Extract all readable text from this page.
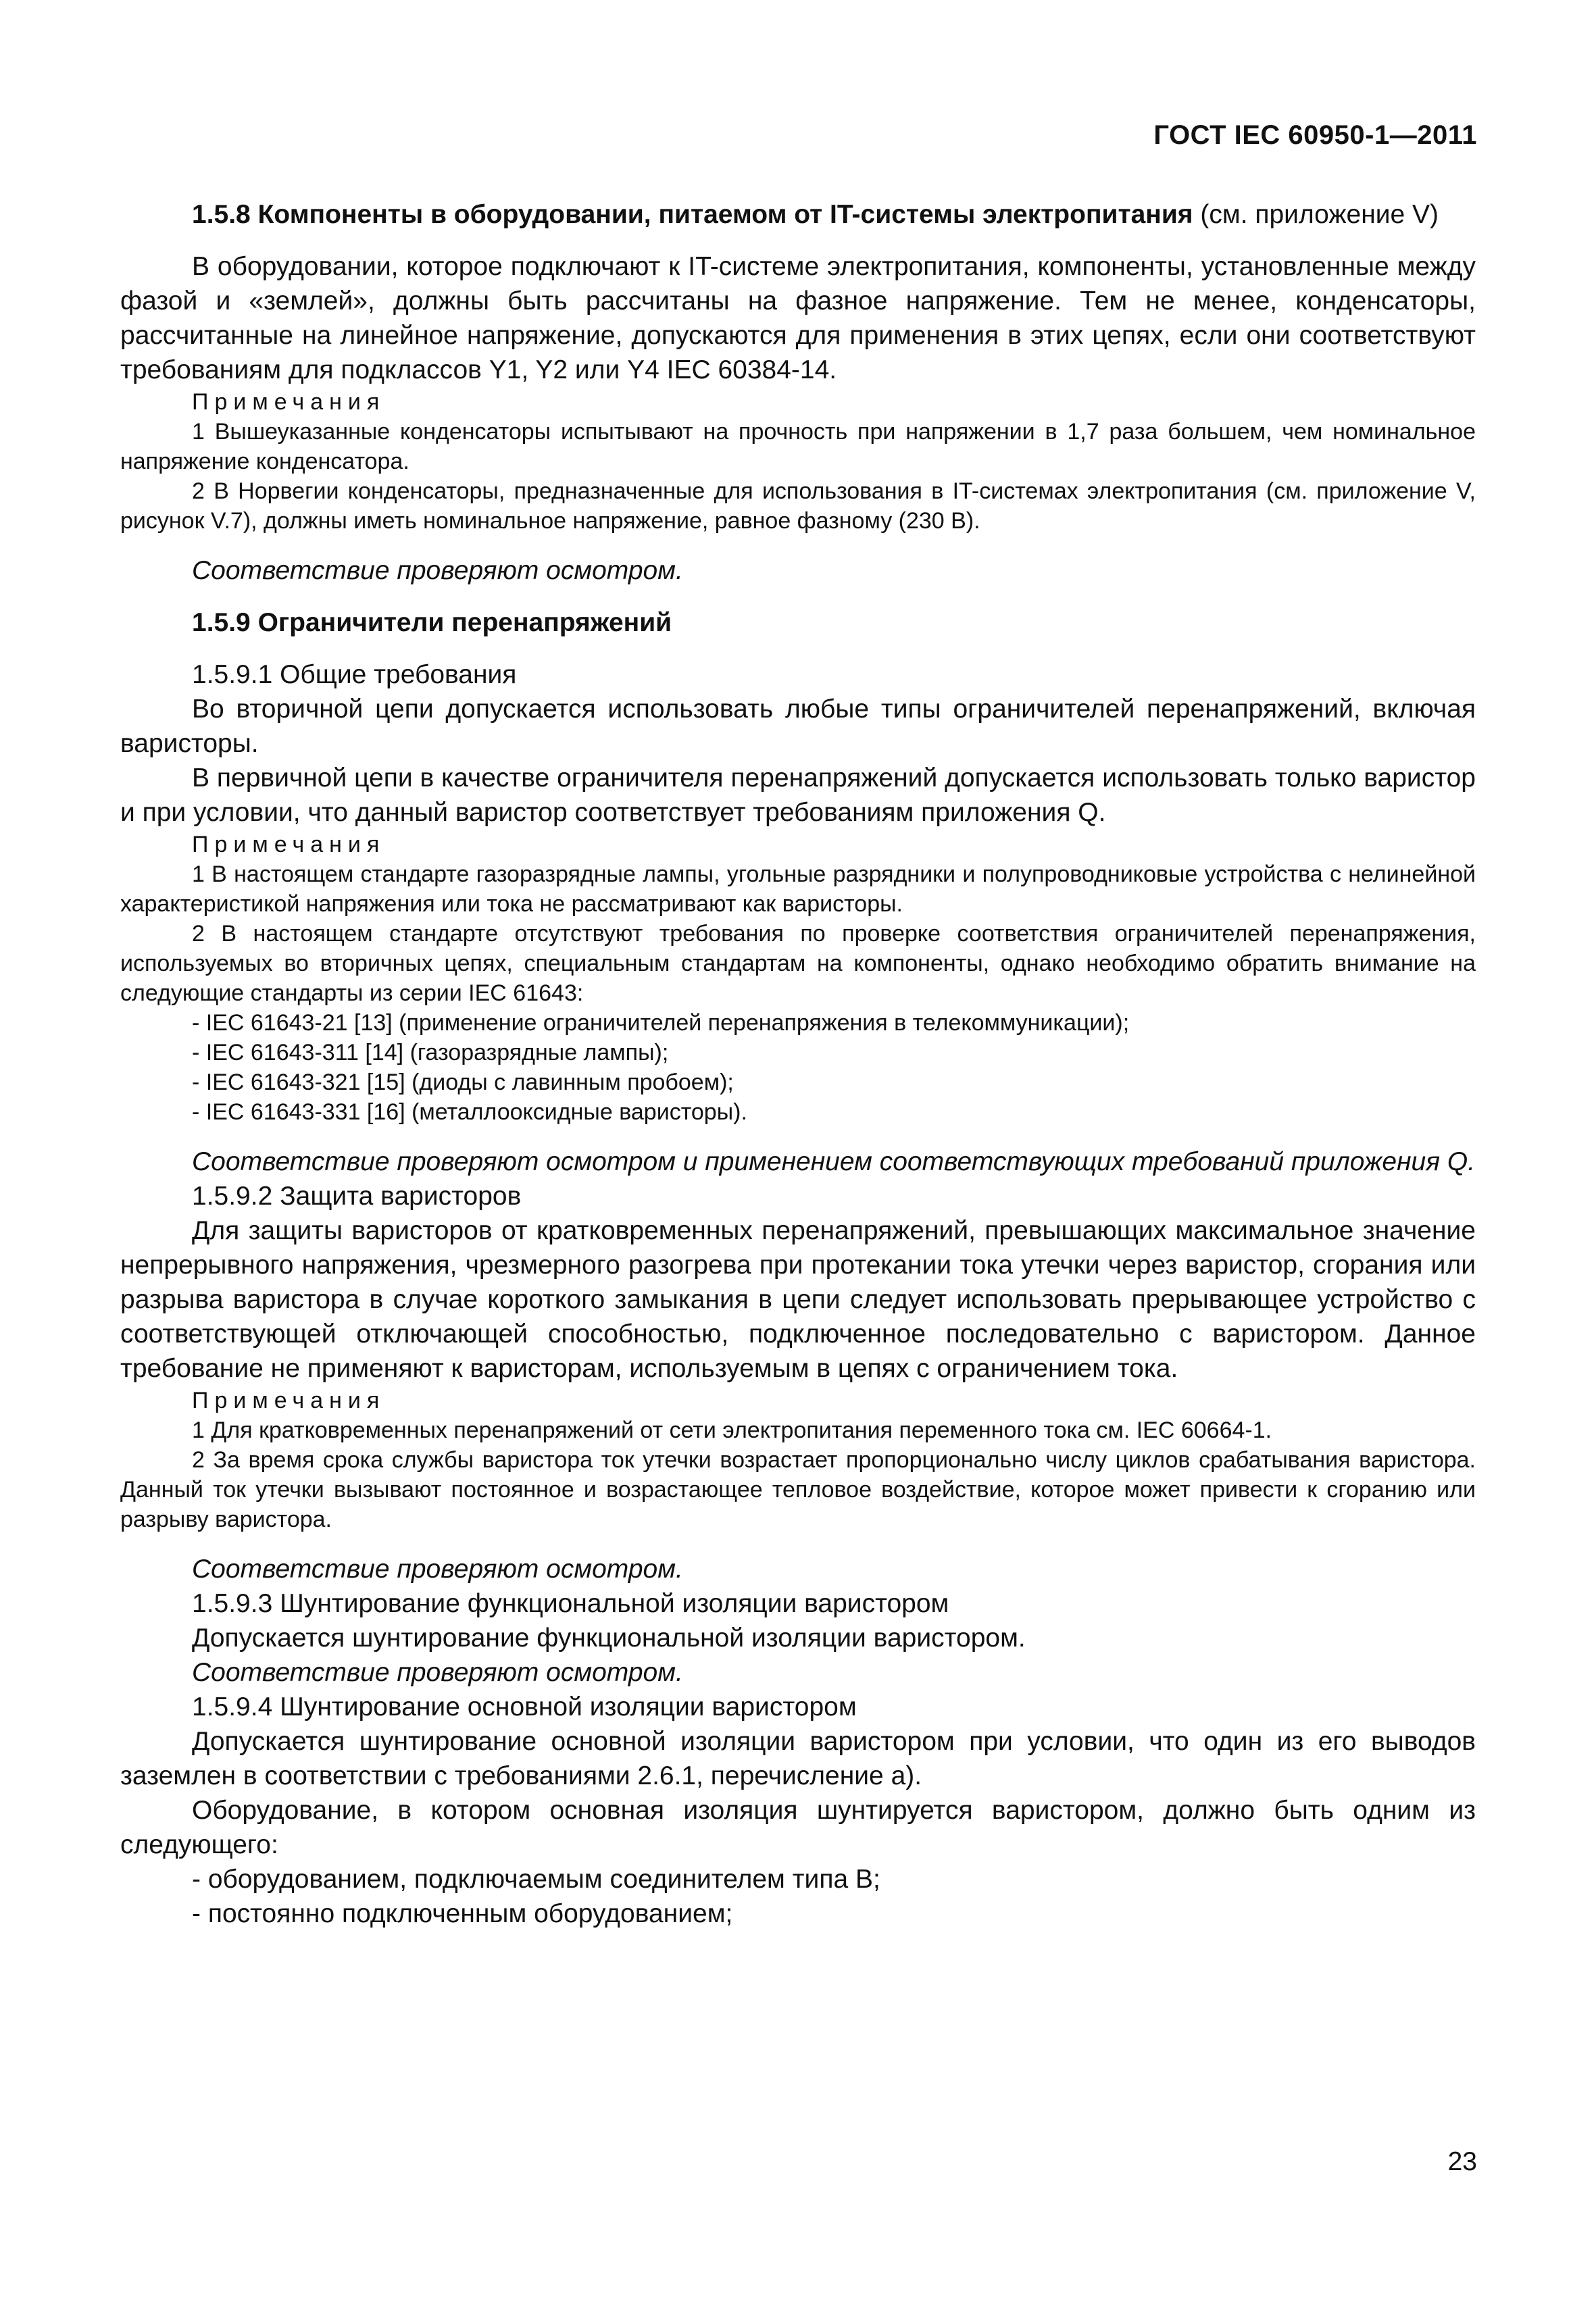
ГОСТ IEC 60950-1—2011

1.5.8 Компоненты в оборудовании, питаемом от IT-системы электропитания (см. приложение V)

В оборудовании, которое подключают к IT-системе электропитания, компоненты, установленные между фазой и «землей», должны быть рассчитаны на фазное напряжение. Тем не менее, конденсаторы, рассчитанные на линейное напряжение, допускаются для применения в этих цепях, если они соответствуют требованиям для подклассов Y1, Y2 или Y4 IEC 60384-14.

Примечания

1 Вышеуказанные конденсаторы испытывают на прочность при напряжении в 1,7 раза большем, чем номинальное напряжение конденсатора.

2 В Норвегии конденсаторы, предназначенные для использования в IT-системах электропитания (см. приложение V, рисунок V.7), должны иметь номинальное напряжение, равное фазному (230 В).

Соответствие проверяют осмотром.

1.5.9 Ограничители перенапряжений

1.5.9.1 Общие требования

Во вторичной цепи допускается использовать любые типы ограничителей перенапряжений, включая варисторы.

В первичной цепи в качестве ограничителя перенапряжений допускается использовать только варистор и при условии, что данный варистор соответствует требованиям приложения Q.

Примечания

1 В настоящем стандарте газоразрядные лампы, угольные разрядники и полупроводниковые устройства с нелинейной характеристикой напряжения или тока не рассматривают как варисторы.

2 В настоящем стандарте отсутствуют требования по проверке соответствия ограничителей перенапряжения, используемых во вторичных цепях, специальным стандартам на компоненты, однако необходимо обратить внимание на следующие стандарты из серии IEC 61643:

- IEC 61643-21 [13] (применение ограничителей перенапряжения в телекоммуникации);

- IEC 61643-311 [14] (газоразрядные лампы);

- IEC 61643-321 [15] (диоды с лавинным пробоем);

- IEC 61643-331 [16] (металлооксидные варисторы).

Соответствие проверяют осмотром и применением соответствующих требований приложения Q.

1.5.9.2 Защита варисторов

Для защиты варисторов от кратковременных перенапряжений, превышающих максимальное значение непрерывного напряжения, чрезмерного разогрева при протекании тока утечки через варистор, сгорания или разрыва варистора в случае короткого замыкания в цепи следует использовать прерывающее устройство с соответствующей отключающей способностью, подключенное последовательно с варистором. Данное требование не применяют к варисторам, используемым в цепях с ограничением тока.

Примечания

1 Для кратковременных перенапряжений от сети электропитания переменного тока см. IEC 60664-1.

2 За время срока службы варистора ток утечки возрастает пропорционально числу циклов срабатывания варистора. Данный ток утечки вызывают постоянное и возрастающее тепловое воздействие, которое может привести к сгоранию или разрыву варистора.

Соответствие проверяют осмотром.

1.5.9.3 Шунтирование функциональной изоляции варистором

Допускается шунтирование функциональной изоляции варистором.

Соответствие проверяют осмотром.

1.5.9.4 Шунтирование основной изоляции варистором

Допускается шунтирование основной изоляции варистором при условии, что один из его выводов заземлен в соответствии с требованиями 2.6.1, перечисление а).

Оборудование, в котором основная изоляция шунтируется варистором, должно быть одним из следующего:

- оборудованием, подключаемым соединителем типа В;

- постоянно подключенным оборудованием;

23
